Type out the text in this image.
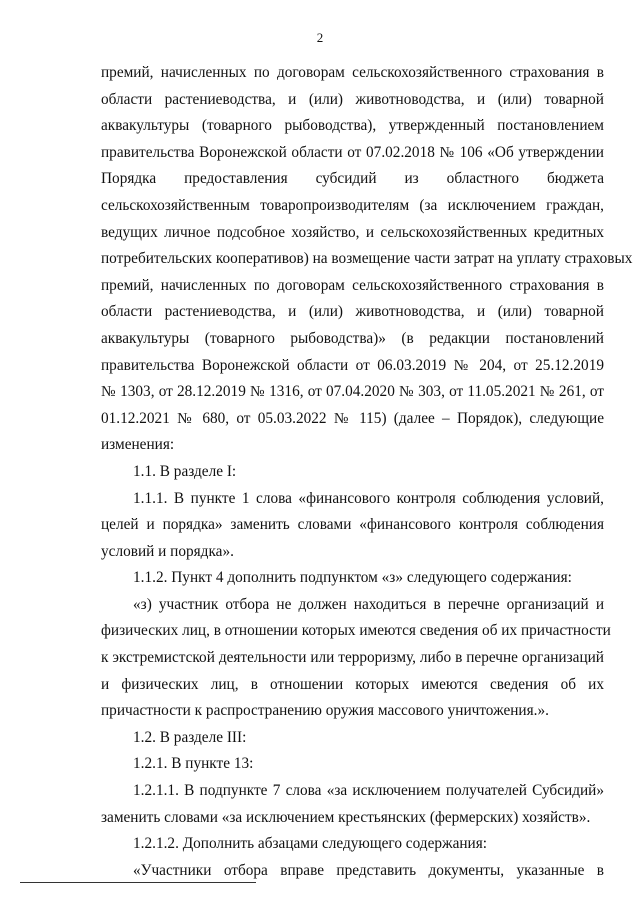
2
премий, начисленных по договорам сельскохозяйственного страхования в
области растениеводства, и (или) животноводства, и (или) товарной
аквакультуры (товарного рыбоводства), утвержденный постановлением
правительства Воронежской области от 07.02.2018 № 106 «Об утверждении
Порядка предоставления субсидий из областного бюджета
сельскохозяйственным товаропроизводителям (за исключением граждан,
ведущих личное подсобное хозяйство, и сельскохозяйственных кредитных
потребительских кооперативов) на возмещение части затрат на уплату страховых
премий, начисленных по договорам сельскохозяйственного страхования в
области растениеводства, и (или) животноводства, и (или) товарной
аквакультуры (товарного рыбоводства)» (в редакции постановлений
правительства Воронежской области от 06.03.2019 № 204, от 25.12.2019
№ 1303, от 28.12.2019 № 1316, от 07.04.2020 № 303, от 11.05.2021 № 261, от
01.12.2021 № 680, от 05.03.2022 № 115) (далее – Порядок), следующие
изменения:
1.1. В разделе I:
1.1.1. В пункте 1 слова «финансового контроля соблюдения условий,
целей и порядка» заменить словами «финансового контроля соблюдения
условий и порядка».
1.1.2. Пункт 4 дополнить подпунктом «з» следующего содержания:
«з) участник отбора не должен находиться в перечне организаций и
физических лиц, в отношении которых имеются сведения об их причастности
к экстремистской деятельности или терроризму, либо в перечне организаций
и физических лиц, в отношении которых имеются сведения об их
причастности к распространению оружия массового уничтожения.».
1.2. В разделе III:
1.2.1. В пункте 13:
1.2.1.1. В подпункте 7 слова «за исключением получателей Субсидий»
заменить словами «за исключением крестьянских (фермерских) хозяйств».
1.2.1.2. Дополнить абзацами следующего содержания:
«Участники отбора вправе представить документы, указанные в
